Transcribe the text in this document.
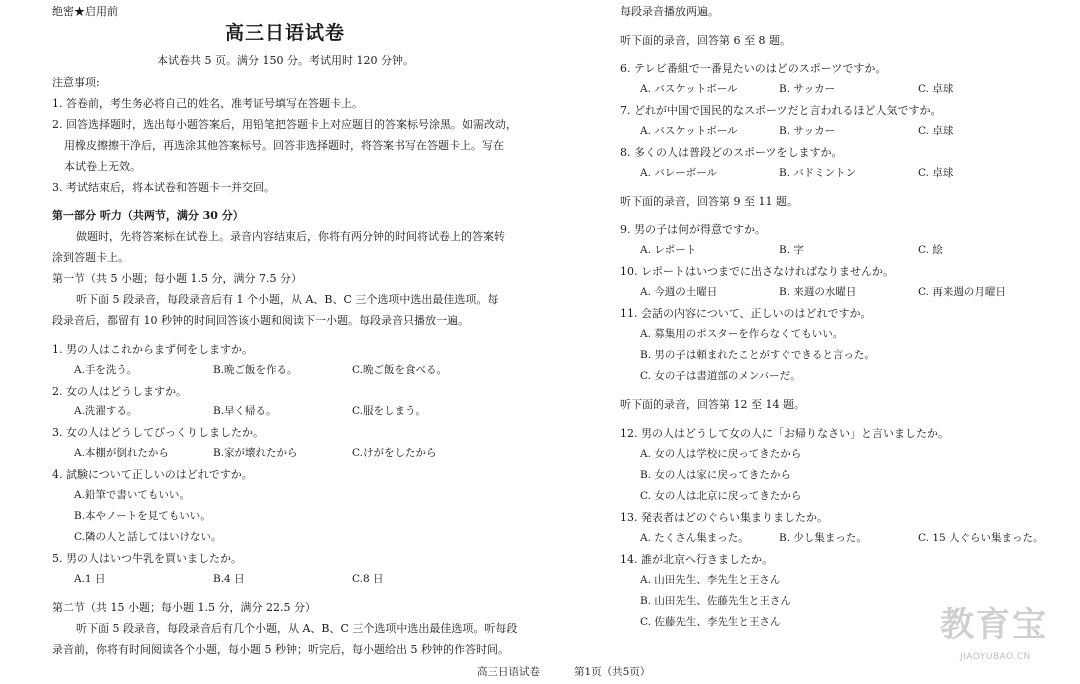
绝密★启用前
高三日语试卷
本试卷共 5 页。满分 150 分。考试用时 120 分钟。
注意事项:
1. 答卷前，考生务必将自己的姓名、准考证号填写在答题卡上。
2. 回答选择题时，选出每小题答案后，用铅笔把答题卡上对应题目的答案标号涂黑。如需改动，
用橡皮擦擦干净后，再选涂其他答案标号。回答非选择题时，将答案书写在答题卡上。写在
本试卷上无效。
3. 考试结束后，将本试卷和答题卡一并交回。
第一部分 听力（共两节，满分 30 分）
做题时，先将答案标在试卷上。录音内容结束后，你将有两分钟的时间将试卷上的答案转
涂到答题卡上。
第一节（共 5 小题；每小题 1.5 分，满分 7.5 分）
听下面 5 段录音，每段录音后有 1 个小题，从 A、B、C 三个选项中选出最佳选项。每
段录音后，都留有 10 秒钟的时间回答该小题和阅读下一小题。每段录音只播放一遍。
1. 男の人はこれからまず何をしますか。
A.手を洗う。	B.晩ご飯を作る。	C.晩ご飯を食べる。
2. 女の人はどうしますか。
A.洗濯する。	B.早く帰る。	C.服をしまう。
3. 女の人はどうしてびっくりしましたか。
A.本棚が倒れたから	B.家が壊れたから	C.けがをしたから
4. 試験について正しいのはどれですか。
A.鉛筆で書いてもいい。
B.本やノートを見てもいい。
C.隣の人と話してはいけない。
5. 男の人はいつ牛乳を買いましたか。
A.1 日	B.4 日	C.8 日
第二节（共 15 小题；每小题 1.5 分，满分 22.5 分）
听下面 5 段录音，每段录音后有几个小题，从 A、B、C 三个选项中选出最佳选项。听每段
录音前，你将有时间阅读各个小题，每小题 5 秒钟；听完后，每小题给出 5 秒钟的作答时间。
每段录音播放两遍。
听下面的录音，回答第 6 至 8 题。
6. テレビ番組で一番見たいのはどのスポーツですか。
A. バスケットボール	B. サッカー	C. 卓球
7. どれが中国で国民的なスポーツだと言われるほど人気ですか。
A. バスケットボール	B. サッカー	C. 卓球
8. 多くの人は普段どのスポーツをしますか。
A. バレーボール	B. バドミントン	C. 卓球
听下面的录音，回答第 9 至 11 题。
9. 男の子は何が得意ですか。
A. レポート	B. 字	C. 絵
10. レポートはいつまでに出さなければなりませんか。
A. 今週の土曜日	B. 来週の水曜日	C. 再来週の月曜日
11. 会話の内容について、正しいのはどれですか。
A. 募集用のポスターを作らなくてもいい。
B. 男の子は頼まれたことがすぐできると言った。
C. 女の子は書道部のメンバーだ。
听下面的录音，回答第 12 至 14 题。
12. 男の人はどうして女の人に「お帰りなさい」と言いましたか。
A. 女の人は学校に戻ってきたから
B. 女の人は家に戻ってきたから
C. 女の人は北京に戻ってきたから
13. 発表者はどのぐらい集まりましたか。
A. たくさん集まった。	B. 少し集まった。	C. 15 人ぐらい集まった。
14. 誰が北京へ行きましたか。
A. 山田先生、李先生と王さん
B. 山田先生、佐藤先生と王さん
C. 佐藤先生、李先生と王さん	教育宝
JIAOYUBAO.CN
高三日语试卷	第1页（共5页）
